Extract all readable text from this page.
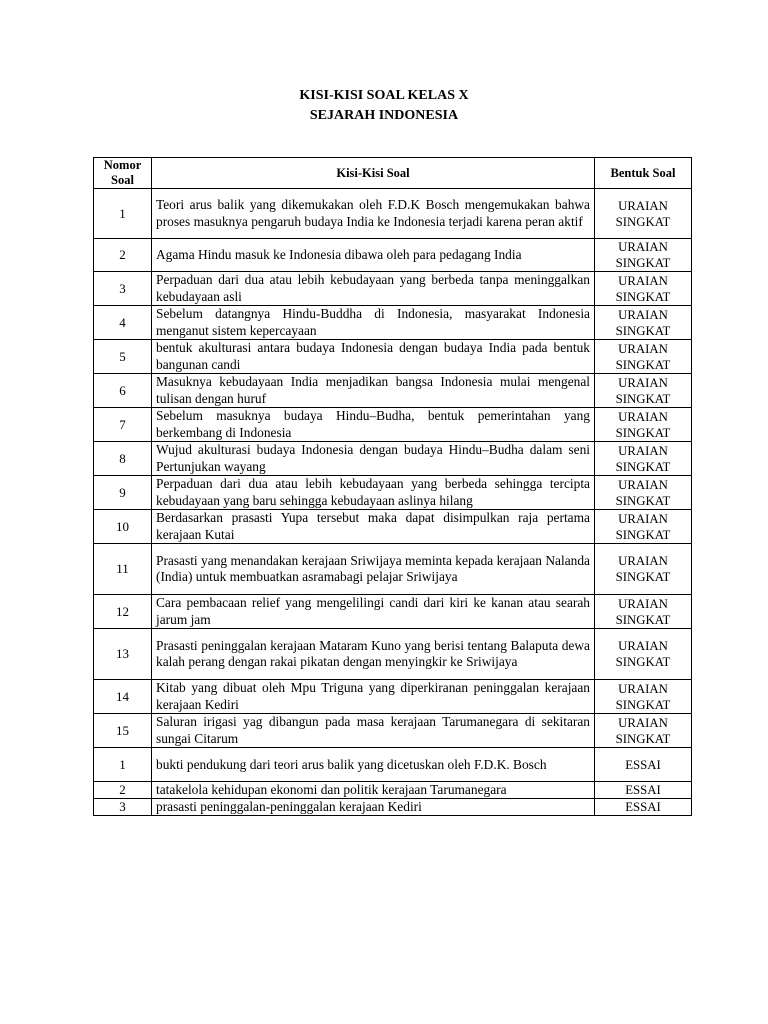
KISI-KISI SOAL KELAS X
SEJARAH INDONESIA
Nomor Soal	Kisi-Kisi Soal	Bentuk Soal
1	Teori arus balik yang dikemukakan oleh F.D.K Bosch mengemukakan bahwa proses masuknya pengaruh budaya India ke Indonesia terjadi karena peran aktif	URAIAN SINGKAT
2	Agama Hindu masuk ke Indonesia dibawa oleh para pedagang India	URAIAN SINGKAT
3	Perpaduan dari dua atau lebih kebudayaan yang berbeda tanpa meninggalkan kebudayaan asli	URAIAN SINGKAT
4	Sebelum datangnya Hindu-Buddha di Indonesia, masyarakat Indonesia menganut sistem kepercayaan	URAIAN SINGKAT
5	bentuk akulturasi antara budaya Indonesia dengan budaya India pada bentuk bangunan candi	URAIAN SINGKAT
6	Masuknya kebudayaan India menjadikan bangsa Indonesia mulai mengenal tulisan dengan huruf	URAIAN SINGKAT
7	Sebelum masuknya budaya Hindu–Budha, bentuk pemerintahan yang berkembang di Indonesia	URAIAN SINGKAT
8	Wujud akulturasi budaya Indonesia dengan budaya Hindu–Budha dalam seni Pertunjukan wayang	URAIAN SINGKAT
9	Perpaduan dari dua atau lebih kebudayaan yang berbeda sehingga tercipta kebudayaan yang baru sehingga kebudayaan aslinya hilang	URAIAN SINGKAT
10	Berdasarkan prasasti Yupa tersebut maka dapat disimpulkan raja pertama kerajaan Kutai	URAIAN SINGKAT
11	Prasasti yang menandakan kerajaan Sriwijaya meminta kepada kerajaan Nalanda (India) untuk membuatkan asramabagi pelajar Sriwijaya	URAIAN SINGKAT
12	Cara pembacaan relief yang mengelilingi candi dari kiri ke kanan atau searah jarum jam	URAIAN SINGKAT
13	Prasasti peninggalan kerajaan Mataram Kuno yang berisi tentang Balaputa dewa kalah perang dengan rakai pikatan dengan menyingkir ke Sriwijaya	URAIAN SINGKAT
14	Kitab yang dibuat oleh Mpu Triguna yang diperkiranan peninggalan kerajaan kerajaan Kediri	URAIAN SINGKAT
15	Saluran irigasi yag dibangun pada masa kerajaan Tarumanegara di sekitaran sungai Citarum	URAIAN SINGKAT
1	bukti pendukung dari teori arus balik yang dicetuskan oleh F.D.K. Bosch	ESSAI
2	tatakelola kehidupan ekonomi dan politik kerajaan Tarumanegara	ESSAI
3	prasasti peninggalan-peninggalan kerajaan Kediri	ESSAI
